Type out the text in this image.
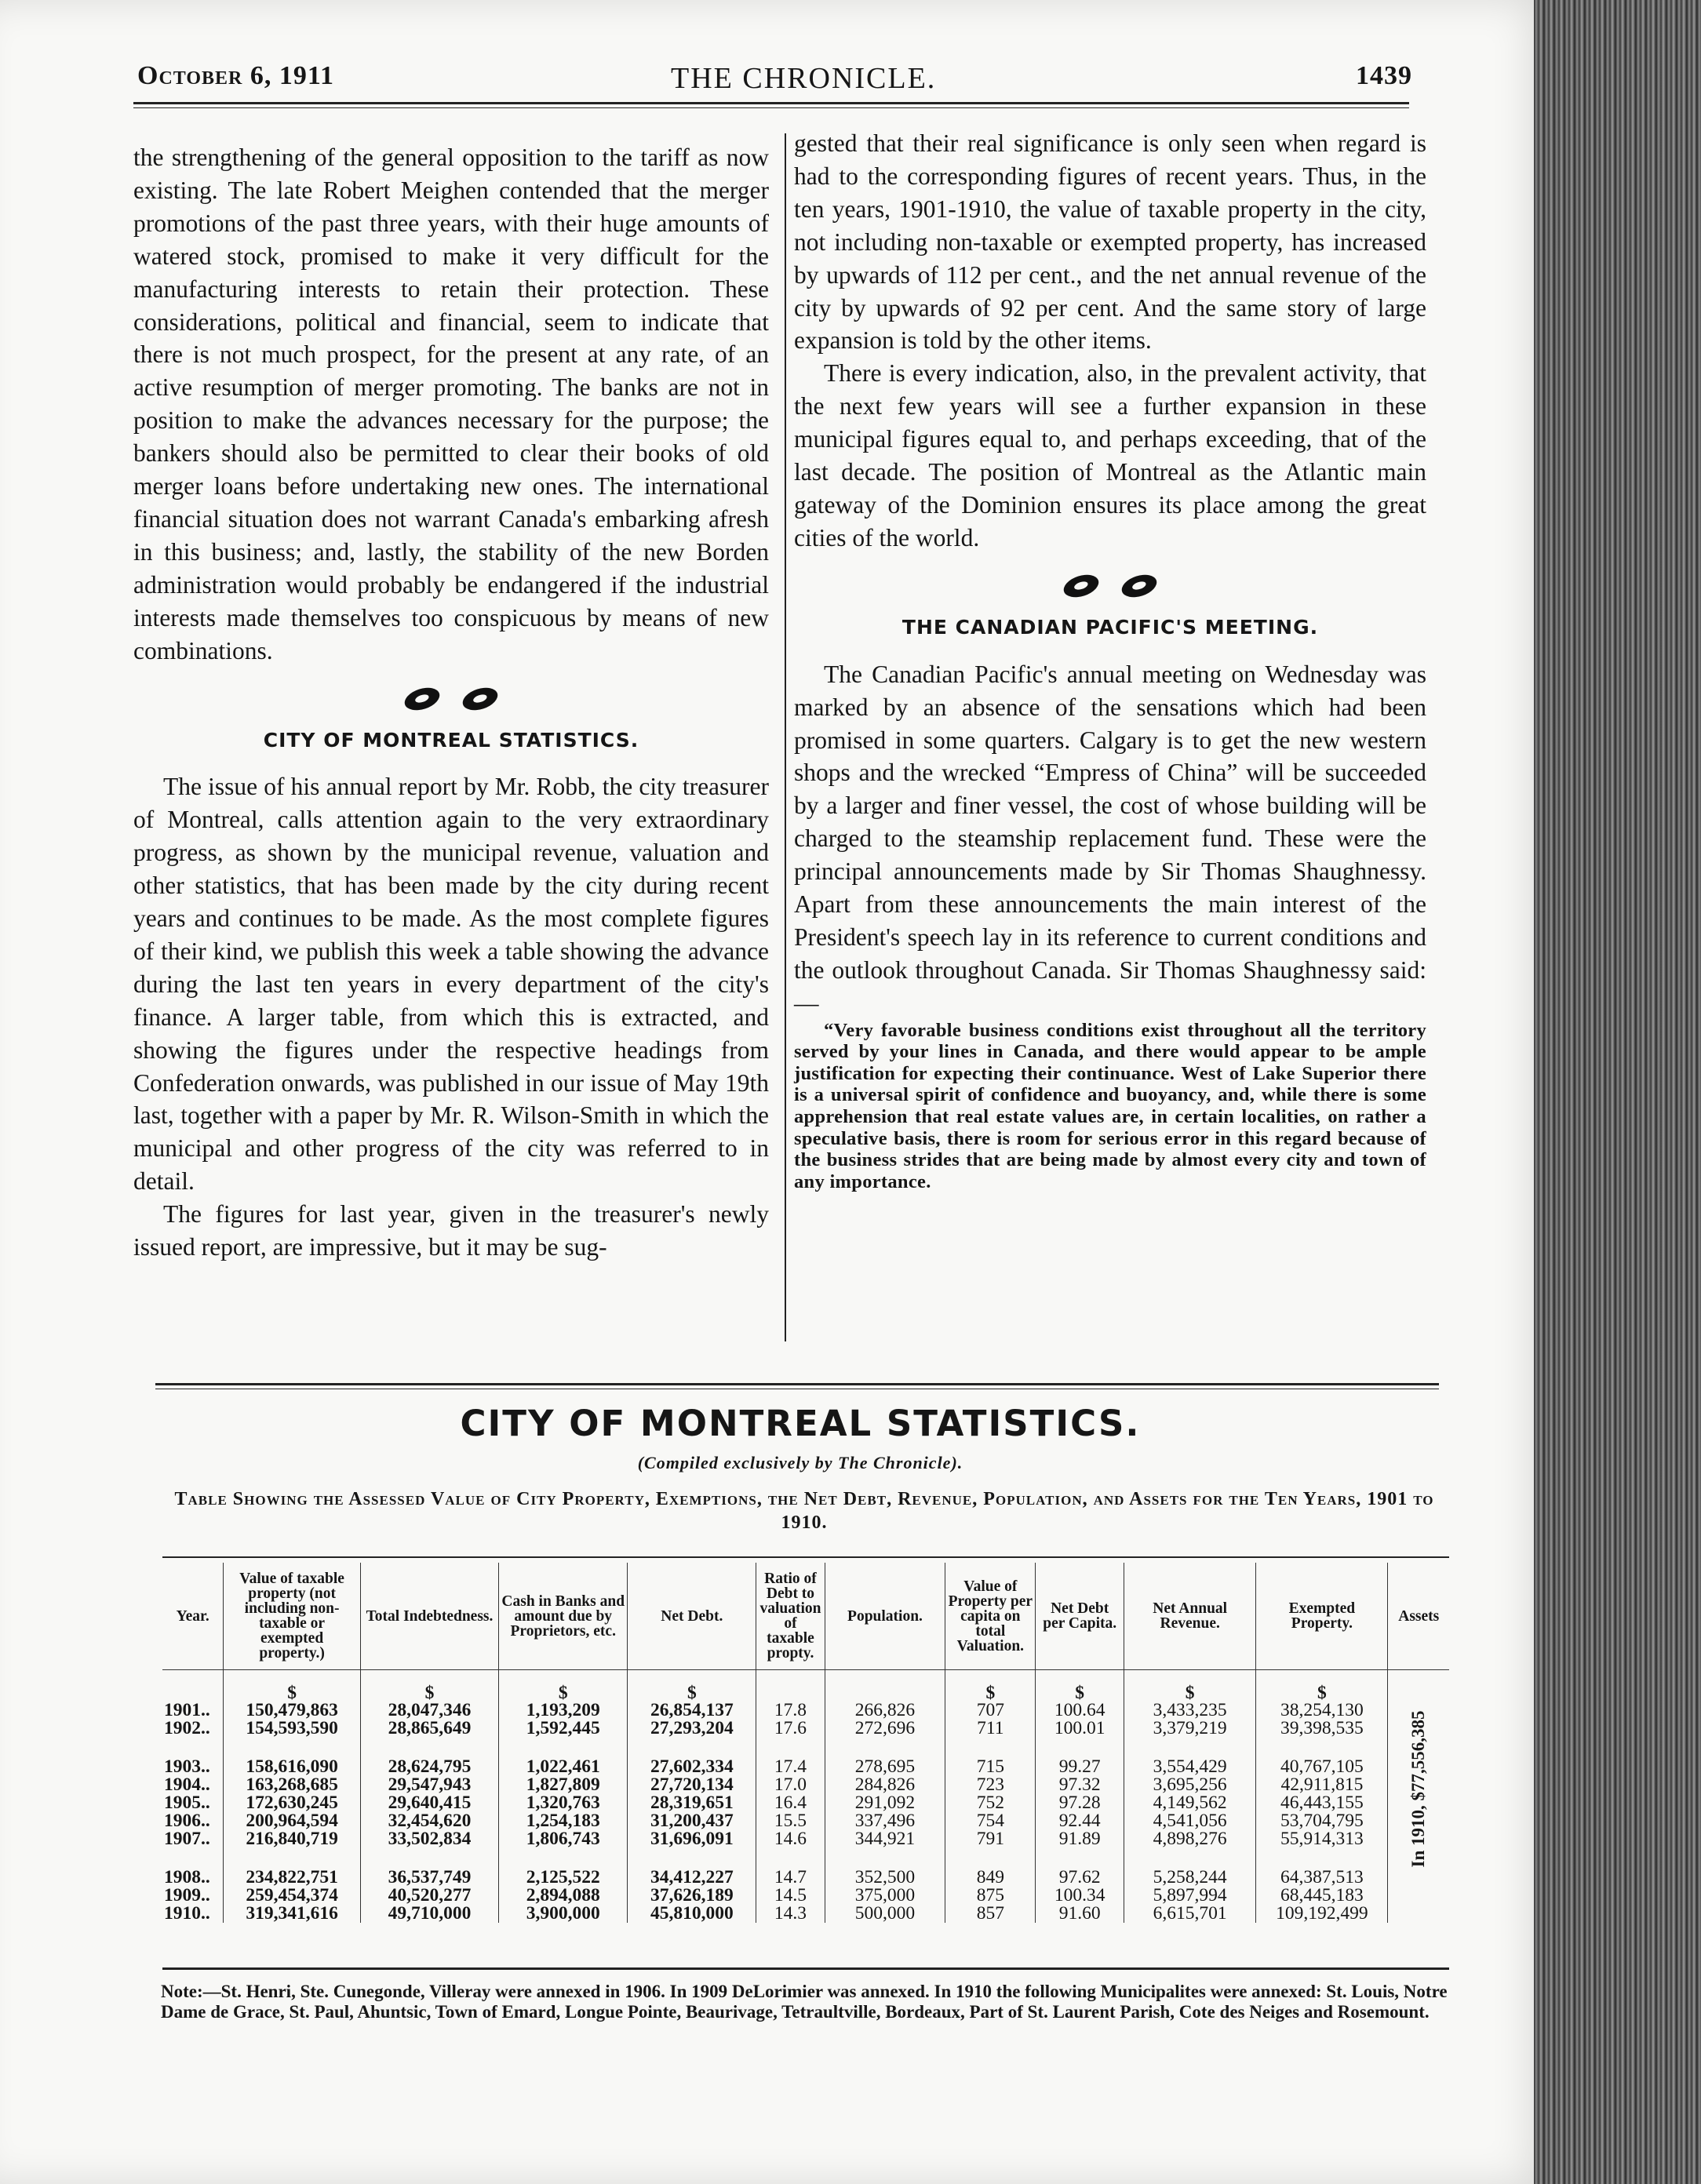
October 6, 1911	THE CHRONICLE.	1439

the strengthening of the general opposition to the tariff as now existing. The late Robert Meighen contended that the merger promotions of the past three years, with their huge amounts of watered stock, promised to make it very difficult for the manufacturing interests to retain their protection. These considerations, political and financial, seem to indicate that there is not much prospect, for the present at any rate, of an active resumption of merger promoting. The banks are not in position to make the advances necessary for the purpose; the bankers should also be permitted to clear their books of old merger loans before undertaking new ones. The international financial situation does not warrant Canada's embarking afresh in this business; and, lastly, the stability of the new Borden administration would probably be endangered if the industrial interests made themselves too conspicuous by means of new combinations.

CITY OF MONTREAL STATISTICS.

The issue of his annual report by Mr. Robb, the city treasurer of Montreal, calls attention again to the very extraordinary progress, as shown by the municipal revenue, valuation and other statistics, that has been made by the city during recent years and continues to be made. As the most complete figures of their kind, we publish this week a table showing the advance during the last ten years in every department of the city's finance. A larger table, from which this is extracted, and showing the figures under the respective headings from Confederation onwards, was published in our issue of May 19th last, together with a paper by Mr. R. Wilson-Smith in which the municipal and other progress of the city was referred to in detail.

The figures for last year, given in the treasurer's newly issued report, are impressive, but it may be sug-

gested that their real significance is only seen when regard is had to the corresponding figures of recent years. Thus, in the ten years, 1901-1910, the value of taxable property in the city, not including non-taxable or exempted property, has increased by upwards of 112 per cent., and the net annual revenue of the city by upwards of 92 per cent. And the same story of large expansion is told by the other items.

There is every indication, also, in the prevalent activity, that the next few years will see a further expansion in these municipal figures equal to, and perhaps exceeding, that of the last decade. The position of Montreal as the Atlantic main gateway of the Dominion ensures its place among the great cities of the world.

THE CANADIAN PACIFIC'S MEETING.

The Canadian Pacific's annual meeting on Wednesday was marked by an absence of the sensations which had been promised in some quarters. Calgary is to get the new western shops and the wrecked “Empress of China” will be succeeded by a larger and finer vessel, the cost of whose building will be charged to the steamship replacement fund. These were the principal announcements made by Sir Thomas Shaughnessy. Apart from these announcements the main interest of the President's speech lay in its reference to current conditions and the outlook throughout Canada. Sir Thomas Shaughnessy said:—

“Very favorable business conditions exist throughout all the territory served by your lines in Canada, and there would appear to be ample justification for expecting their continuance. West of Lake Superior there is a universal spirit of confidence and buoyancy, and, while there is some apprehension that real estate values are, in certain localities, on rather a speculative basis, there is room for serious error in this regard because of the business strides that are being made by almost every city and town of any importance.

CITY OF MONTREAL STATISTICS.
(Compiled exclusively by The Chronicle).
Table Showing the Assessed Value of City Property, Exemptions, the Net Debt, Revenue, Population, and Assets for the Ten Years, 1901 to 1910.
Year.	Value of taxable property (not including non-taxable or exempted property.)	Total Indebtedness.	Cash in Banks and amount due by Proprietors, etc.	Net Debt.	Ratio of Debt to valuation of taxable propty.	Population.	Value of Property per capita on total Valuation.	Net Debt per Capita.	Net Annual Revenue.	Exempted Property.	Assets
	$	$	$	$			$	$	$	$	In 1910, $77,556,385
1901..	150,479,863	28,047,346	1,193,209	26,854,137	17.8	266,826	707	100.64	3,433,235	38,254,130	
1902..	154,593,590	28,865,649	1,592,445	27,293,204	17.6	272,696	711	100.01	3,379,219	39,398,535	

1903..	158,616,090	28,624,795	1,022,461	27,602,334	17.4	278,695	715	99.27	3,554,429	40,767,105	
1904..	163,268,685	29,547,943	1,827,809	27,720,134	17.0	284,826	723	97.32	3,695,256	42,911,815	
1905..	172,630,245	29,640,415	1,320,763	28,319,651	16.4	291,092	752	97.28	4,149,562	46,443,155	
1906..	200,964,594	32,454,620	1,254,183	31,200,437	15.5	337,496	754	92.44	4,541,056	53,704,795	
1907..	216,840,719	33,502,834	1,806,743	31,696,091	14.6	344,921	791	91.89	4,898,276	55,914,313	

1908..	234,822,751	36,537,749	2,125,522	34,412,227	14.7	352,500	849	97.62	5,258,244	64,387,513	
1909..	259,454,374	40,520,277	2,894,088	37,626,189	14.5	375,000	875	100.34	5,897,994	68,445,183	
1910..	319,341,616	49,710,000	3,900,000	45,810,000	14.3	500,000	857	91.60	6,615,701	109,192,499	
Note:—St. Henri, Ste. Cunegonde, Villeray were annexed in 1906. In 1909 DeLorimier was annexed. In 1910 the following Municipalites were annexed: St. Louis, Notre Dame de Grace, St. Paul, Ahuntsic, Town of Emard, Longue Pointe, Beaurivage, Tetraultville, Bordeaux, Part of St. Laurent Parish, Cote des Neiges and Rosemount.
